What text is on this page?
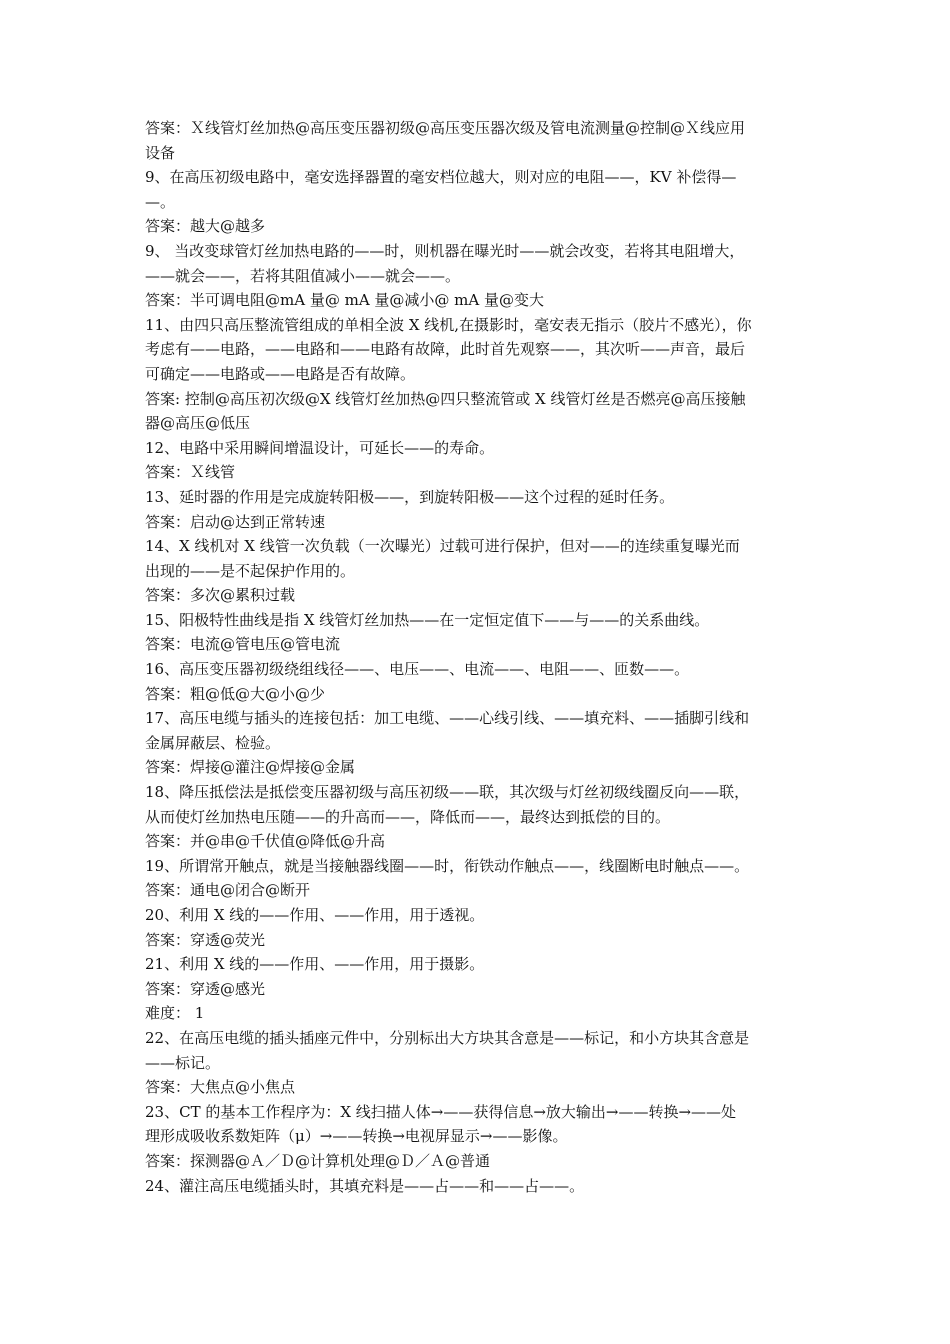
答案：Ｘ线管灯丝加热@高压变压器初级@高压变压器次级及管电流测量@控制@Ｘ线应用
设备
9、在高压初级电路中，毫安选择器置的毫安档位越大，则对应的电阻——，KV 补偿得—
—。
答案：越大@越多
9、 当改变球管灯丝加热电路的——时，则机器在曝光时——就会改变，若将其电阻增大，
——就会——，若将其阻值减小——就会——。
答案：半可调电阻@mA 量@ mA 量@减小@ mA 量@变大
11、由四只高压整流管组成的单相全波 X 线机,在摄影时，毫安表无指示（胶片不感光），你
考虑有——电路，——电路和——电路有故障，此时首先观察——，其次听——声音，最后
可确定——电路或——电路是否有故障。
答案: 控制@高压初次级@X 线管灯丝加热@四只整流管或 X 线管灯丝是否燃亮@高压接触
器@高压@低压
12、电路中采用瞬间增温设计，可延长——的寿命。
答案：Ｘ线管
13、延时器的作用是完成旋转阳极——，到旋转阳极——这个过程的延时任务。
答案：启动@达到正常转速
14、X 线机对 X 线管一次负载（一次曝光）过载可进行保护，但对——的连续重复曝光而
出现的——是不起保护作用的。
答案：多次@累积过载
15、阳极特性曲线是指 X 线管灯丝加热——在一定恒定值下——与——的关系曲线。
答案：电流@管电压@管电流
16、高压变压器初级绕组线径——、电压——、电流——、电阻——、匝数——。
答案：粗@低@大@小@少
17、高压电缆与插头的连接包括：加工电缆、——心线引线、——填充料、——插脚引线和
金属屏蔽层、检验。
答案：焊接@灌注@焊接@金属
18、降压抵偿法是抵偿变压器初级与高压初级——联，其次级与灯丝初级线圈反向——联，
从而使灯丝加热电压随——的升高而——，降低而——，最终达到抵偿的目的。
答案：并@串@千伏值@降低@升高
19、所谓常开触点，就是当接触器线圈——时，衔铁动作触点——，线圈断电时触点——。
答案：通电@闭合@断开
20、利用 X 线的——作用、——作用，用于透视。
答案：穿透@荧光
21、利用 X 线的——作用、——作用，用于摄影。
答案：穿透@感光
难度： 1
22、在高压电缆的插头插座元件中，分别标出大方块其含意是——标记，和小方块其含意是
——标记。
答案：大焦点@小焦点
23、CT 的基本工作程序为：X 线扫描人体→——获得信息→放大输出→——转换→——处
理形成吸收系数矩阵（μ）→——转换→电视屏显示→——影像。
答案：探测器@Ａ／Ｄ@计算机处理@Ｄ／Ａ@普通
24、灌注高压电缆插头时，其填充料是——占——和——占——。
